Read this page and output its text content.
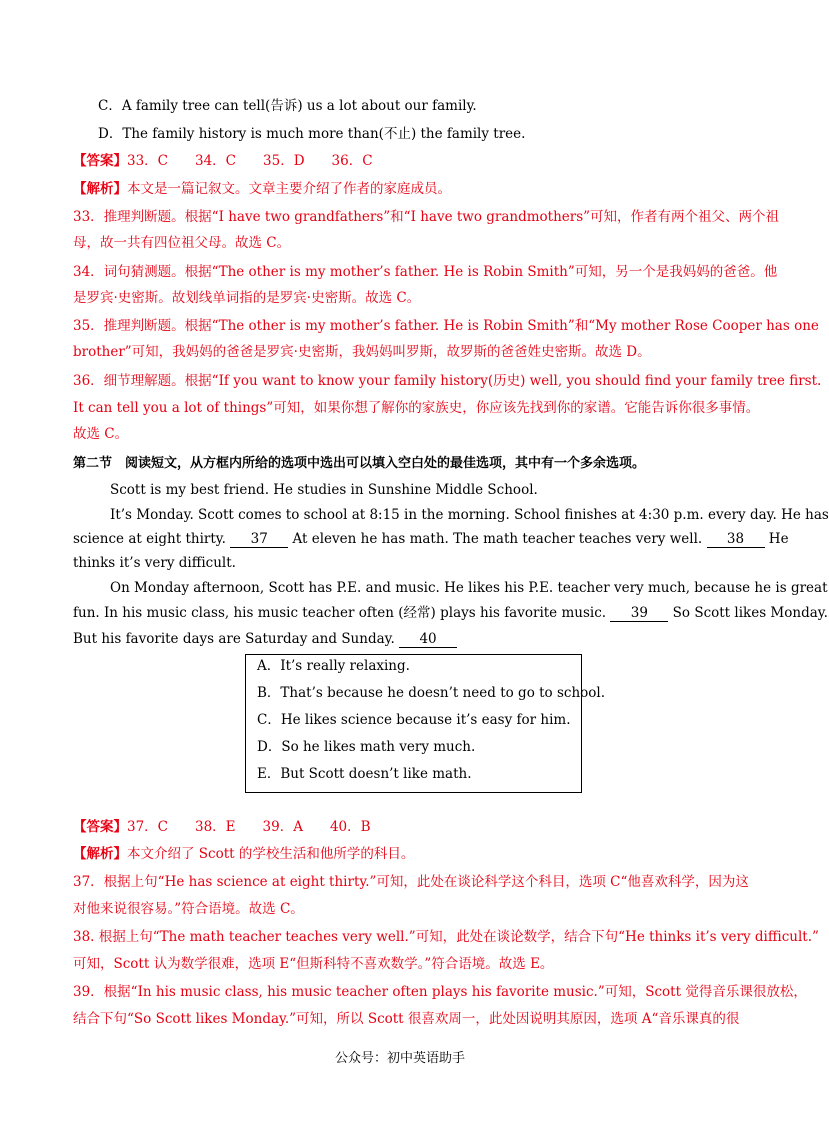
C．A family tree can tell(告诉) us a lot about our family.
D．The family history is much more than(不止) the family tree.
【答案】33．C　　34．C　　35．D　　36．C
【解析】本文是一篇记叙文。文章主要介绍了作者的家庭成员。
33．推理判断题。根据“I have two grandfathers”和“I have two grandmothers”可知，作者有两个祖父、两个祖
母，故一共有四位祖父母。故选 C。
34．词句猜测题。根据“The other is my mother’s father. He is Robin Smith”可知，另一个是我妈妈的爸爸。他
是罗宾·史密斯。故划线单词指的是罗宾·史密斯。故选 C。
35．推理判断题。根据“The other is my mother’s father. He is Robin Smith”和“My mother Rose Cooper has one
brother”可知，我妈妈的爸爸是罗宾·史密斯，我妈妈叫罗斯，故罗斯的爸爸姓史密斯。故选 D。
36．细节理解题。根据“If you want to know your family history(历史) well, you should find your family tree first.
It can tell you a lot of things”可知，如果你想了解你的家族史，你应该先找到你的家谱。它能告诉你很多事情。
故选 C。
第二节　阅读短文，从方框内所给的选项中选出可以填入空白处的最佳选项，其中有一个多余选项。
Scott is my best friend. He studies in Sunshine Middle School.
It’s Monday. Scott comes to school at 8:15 in the morning. School finishes at 4:30 p.m. every day. He has
science at eight thirty. 37 At eleven he has math. The math teacher teaches very well. 38 He
thinks it’s very difficult.
On Monday afternoon, Scott has P.E. and music. He likes his P.E. teacher very much, because he is great
fun. In his music class, his music teacher often (经常) plays his favorite music. 39 So Scott likes Monday.
But his favorite days are Saturday and Sunday. 40
A．It’s really relaxing.
B．That’s because he doesn’t need to go to school.
C．He likes science because it’s easy for him.
D．So he likes math very much.
E．But Scott doesn’t like math.
【答案】37．C　　38．E　　39．A　　40．B
【解析】本文介绍了 Scott 的学校生活和他所学的科目。
37．根据上句“He has science at eight thirty.”可知，此处在谈论科学这个科目，选项 C“他喜欢科学，因为这
对他来说很容易。”符合语境。故选 C。
38. 根据上句“The math teacher teaches very well.”可知，此处在谈论数学，结合下句“He thinks it’s very difficult.”
可知，Scott 认为数学很难，选项 E“但斯科特不喜欢数学。”符合语境。故选 E。
39．根据“In his music class, his music teacher often plays his favorite music.”可知，Scott 觉得音乐课很放松，
结合下句“So Scott likes Monday.”可知，所以 Scott 很喜欢周一，此处因说明其原因，选项 A“音乐课真的很
公众号：初中英语助手
